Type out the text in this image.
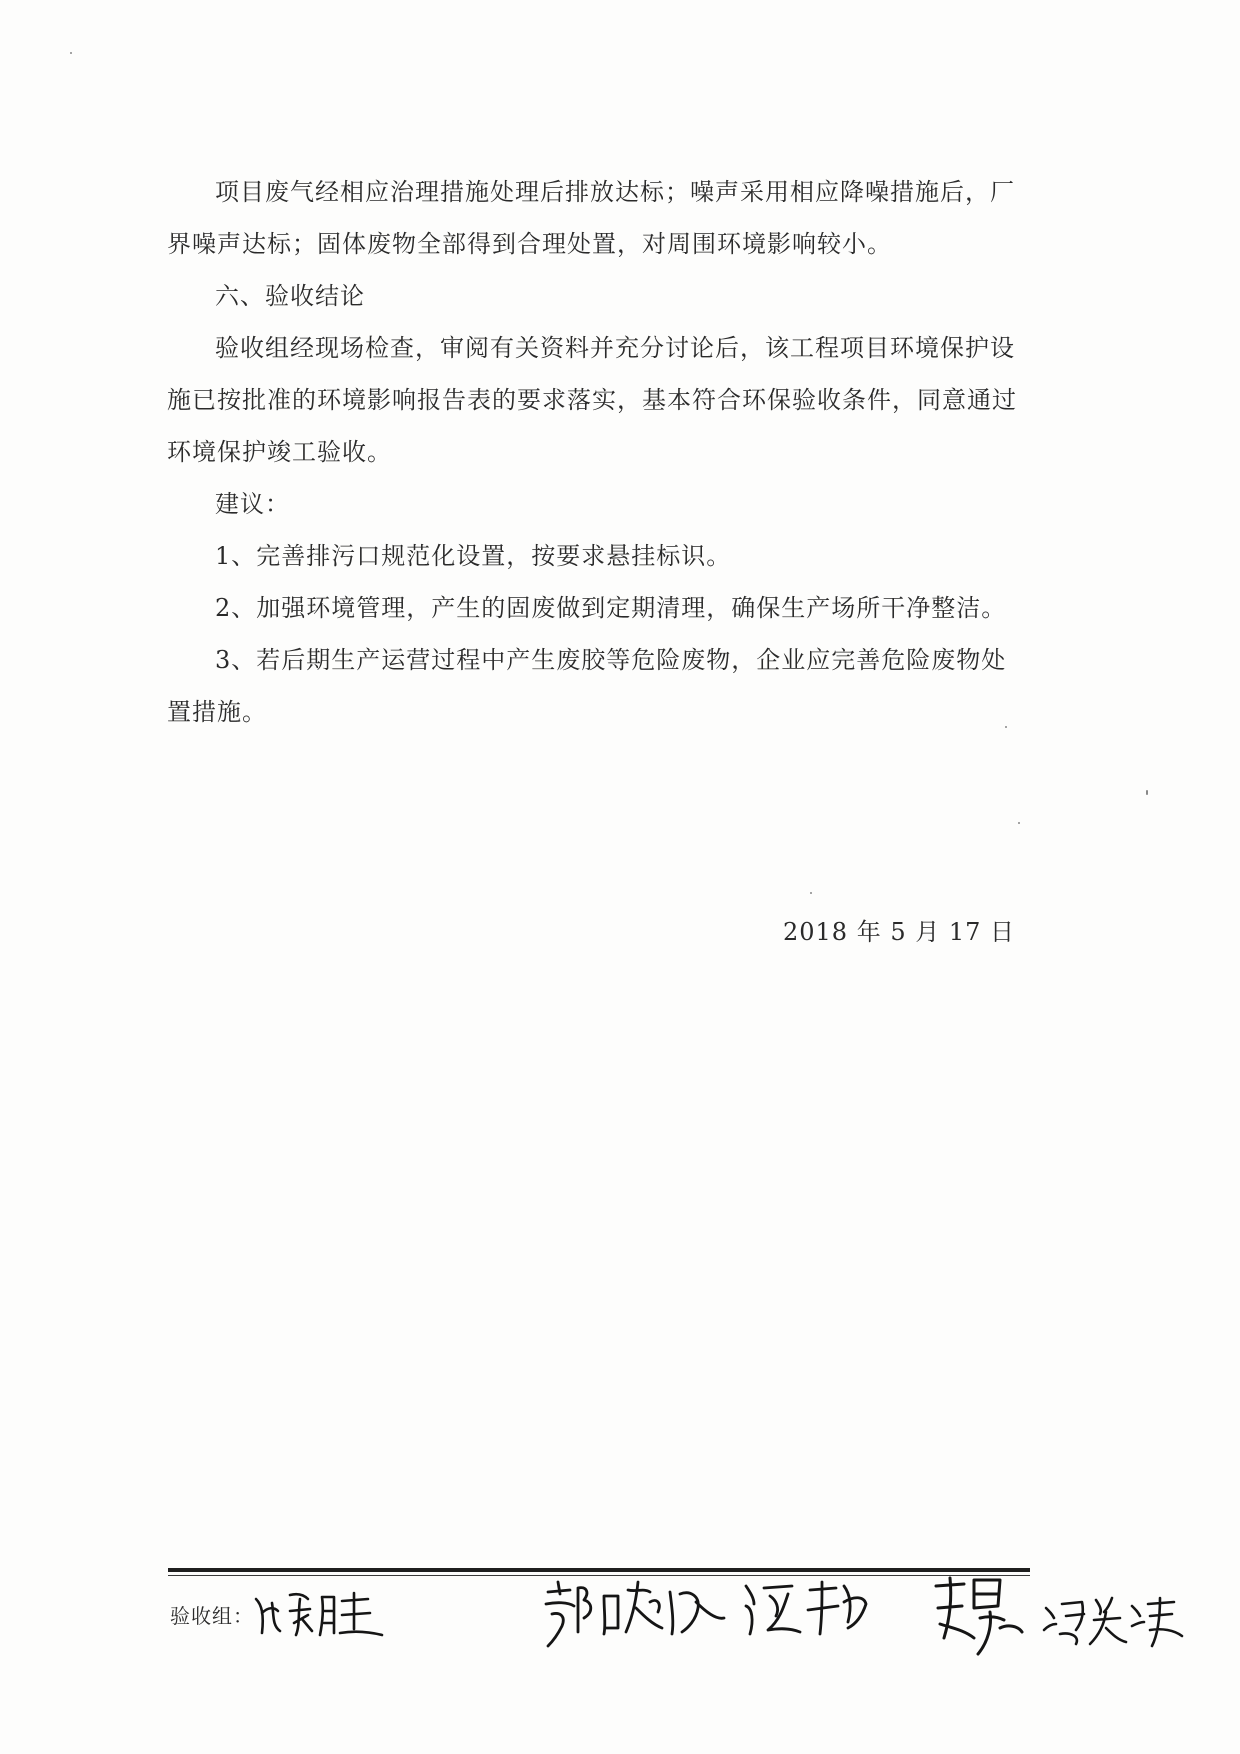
项目废气经相应治理措施处理后排放达标；噪声采用相应降噪措施后，厂界噪声达标；固体废物全部得到合理处置，对周围环境影响较小。

六、验收结论

验收组经现场检查，审阅有关资料并充分讨论后，该工程项目环境保护设施已按批准的环境影响报告表的要求落实，基本符合环保验收条件，同意通过环境保护竣工验收。

建议：

1、完善排污口规范化设置，按要求悬挂标识。

2、加强环境管理，产生的固废做到定期清理，确保生产场所干净整洁。

3、若后期生产运营过程中产生废胶等危险废物，企业应完善危险废物处置措施。

2018 年 5 月 17 日
验收组：
